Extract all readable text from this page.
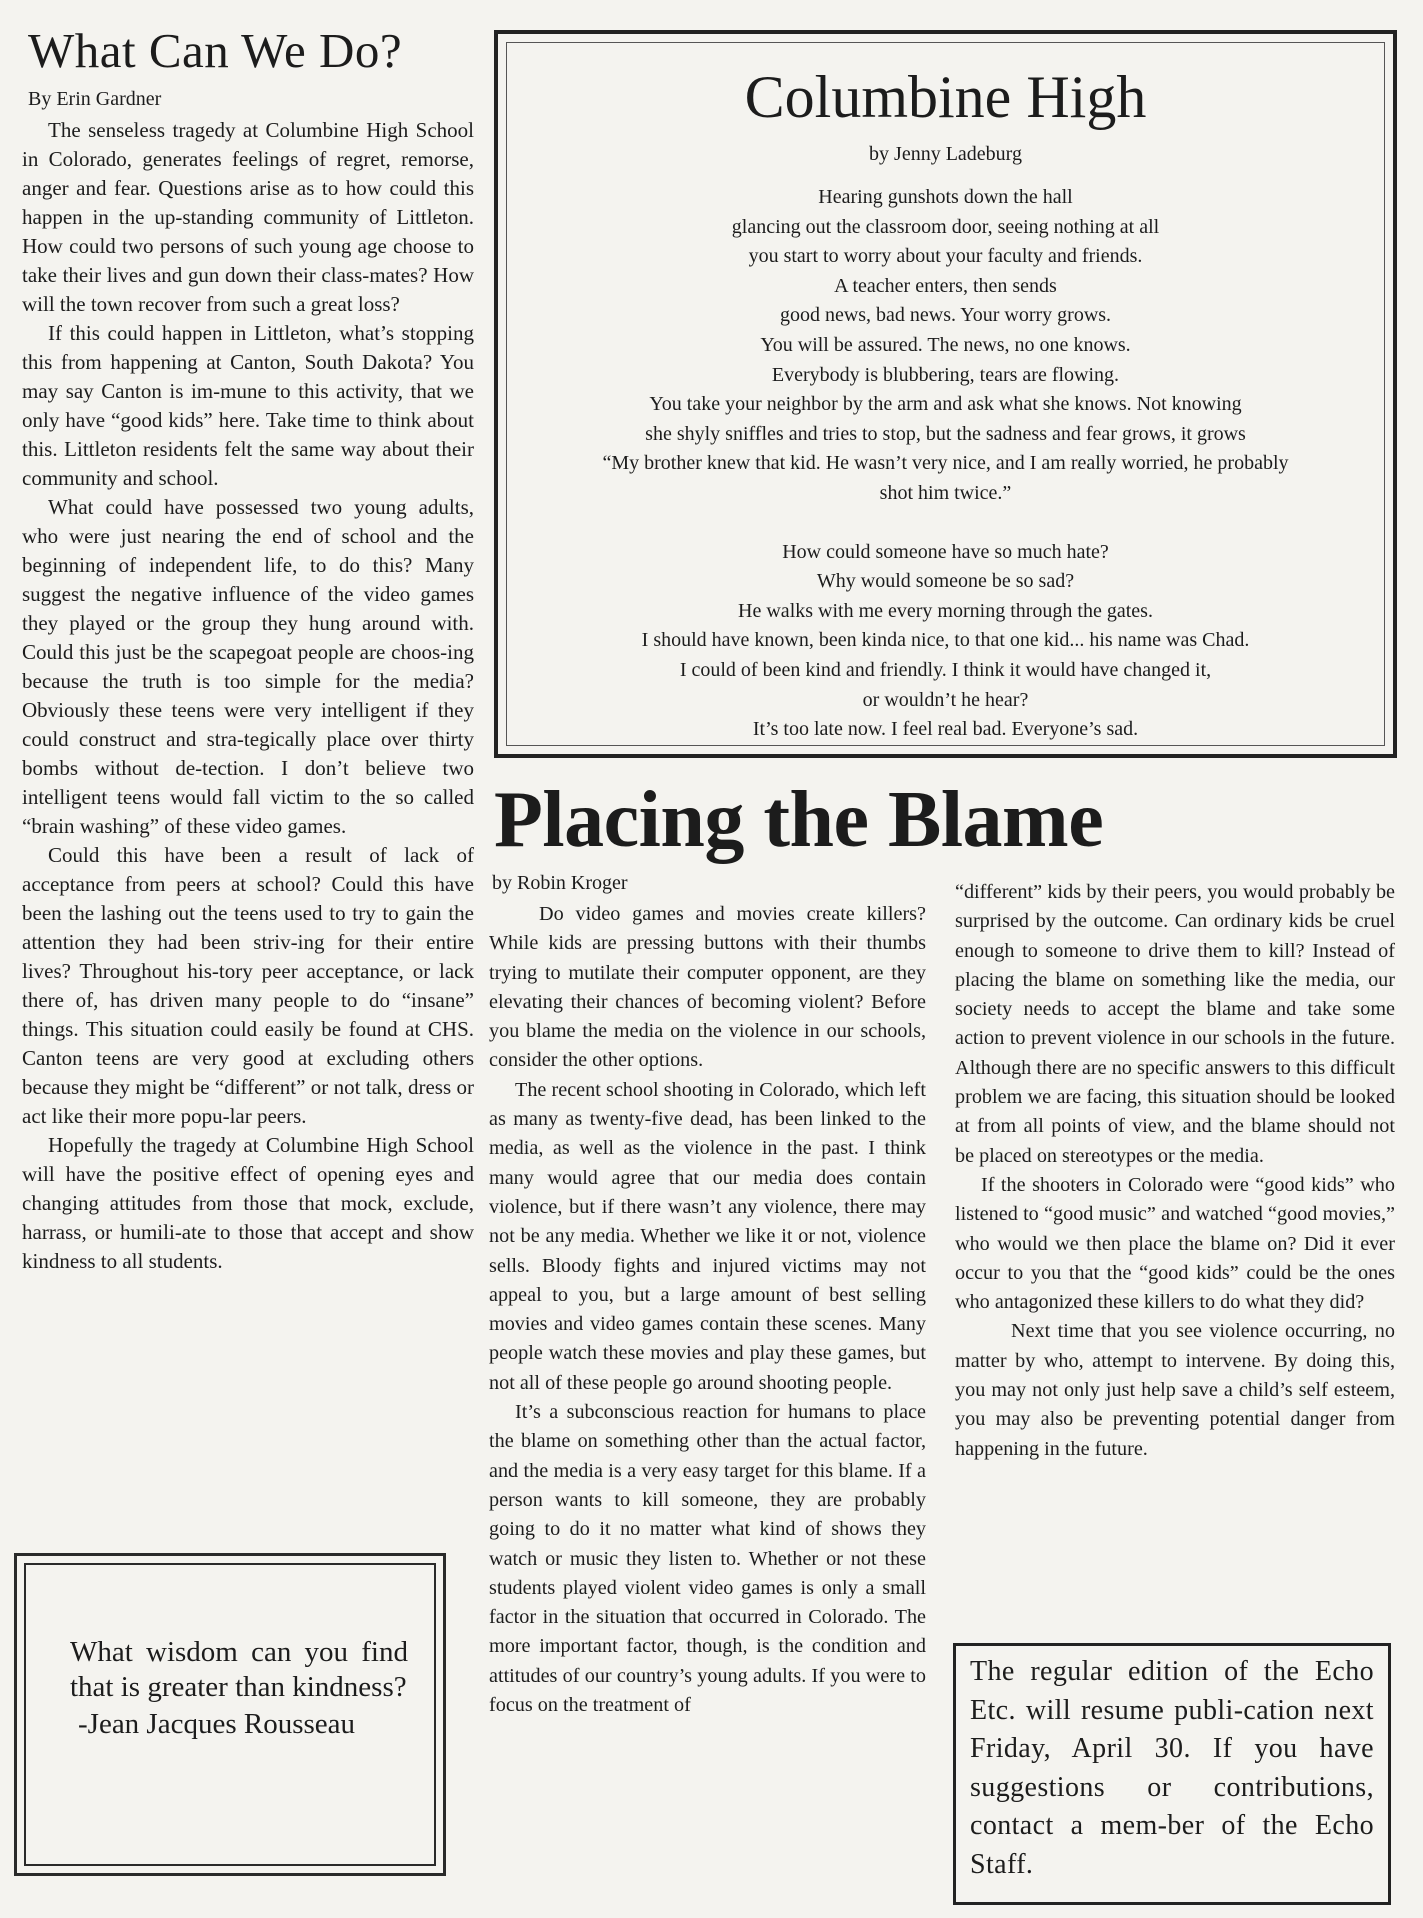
What Can We Do?
By Erin Gardner

The senseless tragedy at Columbine High School in Colorado, generates feelings of regret, remorse, anger and fear. Questions arise as to how could this happen in the up-standing community of Littleton. How could two persons of such young age choose to take their lives and gun down their class-mates? How will the town recover from such a great loss?

If this could happen in Littleton, what’s stopping this from happening at Canton, South Dakota? You may say Canton is im-mune to this activity, that we only have “good kids” here. Take time to think about this. Littleton residents felt the same way about their community and school.

What could have possessed two young adults, who were just nearing the end of school and the beginning of independent life, to do this? Many suggest the negative influence of the video games they played or the group they hung around with. Could this just be the scapegoat people are choos-ing because the truth is too simple for the media? Obviously these teens were very intelligent if they could construct and stra-tegically place over thirty bombs without de-tection. I don’t believe two intelligent teens would fall victim to the so called “brain washing” of these video games.

Could this have been a result of lack of acceptance from peers at school? Could this have been the lashing out the teens used to try to gain the attention they had been striv-ing for their entire lives? Throughout his-tory peer acceptance, or lack there of, has driven many people to do “insane” things. This situation could easily be found at CHS. Canton teens are very good at excluding others because they might be “different” or not talk, dress or act like their more popu-lar peers.

Hopefully the tragedy at Columbine High School will have the positive effect of opening eyes and changing attitudes from those that mock, exclude, harrass, or humili-ate to those that accept and show kindness to all students.

What wisdom can you find that is greater than kindness?

-Jean Jacques Rousseau
Columbine High
by Jenny Ladeburg

Hearing gunshots down the hall

glancing out the classroom door, seeing nothing at all

you start to worry about your faculty and friends.

A teacher enters, then sends

good news, bad news. Your worry grows.

You will be assured. The news, no one knows.

Everybody is blubbering, tears are flowing.

You take your neighbor by the arm and ask what she knows. Not knowing

she shyly sniffles and tries to stop, but the sadness and fear grows, it grows

“My brother knew that kid. He wasn’t very nice, and I am really worried, he probably

shot him twice.”

How could someone have so much hate?

Why would someone be so sad?

He walks with me every morning through the gates.

I should have known, been kinda nice, to that one kid... his name was Chad.

I could of been kind and friendly. I think it would have changed it,

or wouldn’t he hear?

It’s too late now. I feel real bad. Everyone’s sad.

Placing the Blame
by Robin Kroger

Do video games and movies create killers? While kids are pressing buttons with their thumbs trying to mutilate their computer opponent, are they elevating their chances of becoming violent? Before you blame the media on the violence in our schools, consider the other options.

The recent school shooting in Colorado, which left as many as twenty-five dead, has been linked to the media, as well as the violence in the past. I think many would agree that our media does contain violence, but if there wasn’t any violence, there may not be any media. Whether we like it or not, violence sells. Bloody fights and injured victims may not appeal to you, but a large amount of best selling movies and video games contain these scenes. Many people watch these movies and play these games, but not all of these people go around shooting people.

It’s a subconscious reaction for humans to place the blame on something other than the actual factor, and the media is a very easy target for this blame. If a person wants to kill someone, they are probably going to do it no matter what kind of shows they watch or music they listen to. Whether or not these students played violent video games is only a small factor in the situation that occurred in Colorado. The more important factor, though, is the condition and attitudes of our country’s young adults. If you were to focus on the treatment of

“different” kids by their peers, you would probably be surprised by the outcome. Can ordinary kids be cruel enough to someone to drive them to kill? Instead of placing the blame on something like the media, our society needs to accept the blame and take some action to prevent violence in our schools in the future. Although there are no specific answers to this difficult problem we are facing, this situation should be looked at from all points of view, and the blame should not be placed on stereotypes or the media.

If the shooters in Colorado were “good kids” who listened to “good music” and watched “good movies,” who would we then place the blame on? Did it ever occur to you that the “good kids” could be the ones who antagonized these killers to do what they did?

Next time that you see violence occurring, no matter by who, attempt to intervene. By doing this, you may not only just help save a child’s self esteem, you may also be preventing potential danger from happening in the future.

The regular edition of the Echo Etc. will resume publi-cation next Friday, April 30. If you have suggestions or contributions, contact a mem-ber of the Echo Staff.
